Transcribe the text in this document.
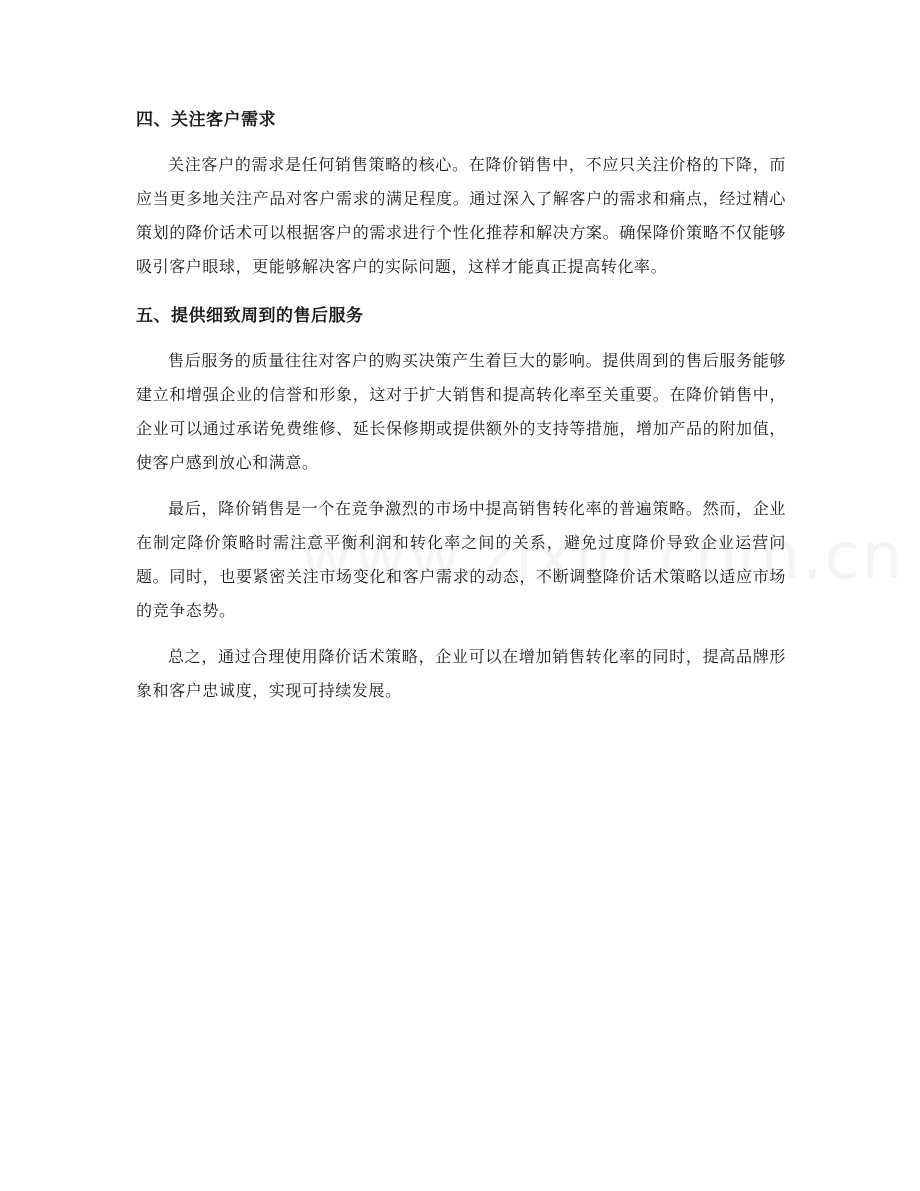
四、关注客户需求

关注客户的需求是任何销售策略的核心。在降价销售中，不应只关注价格的下降，而应当更多地关注产品对客户需求的满足程度。通过深入了解客户的需求和痛点，经过精心策划的降价话术可以根据客户的需求进行个性化推荐和解决方案。确保降价策略不仅能够吸引客户眼球，更能够解决客户的实际问题，这样才能真正提高转化率。

五、提供细致周到的售后服务

售后服务的质量往往对客户的购买决策产生着巨大的影响。提供周到的售后服务能够建立和增强企业的信誉和形象，这对于扩大销售和提高转化率至关重要。在降价销售中，企业可以通过承诺免费维修、延长保修期或提供额外的支持等措施，增加产品的附加值，使客户感到放心和满意。

最后，降价销售是一个在竞争激烈的市场中提高销售转化率的普遍策略。然而，企业在制定降价策略时需注意平衡利润和转化率之间的关系，避免过度降价导致企业运营问题。同时，也要紧密关注市场变化和客户需求的动态，不断调整降价话术策略以适应市场的竞争态势。

总之，通过合理使用降价话术策略，企业可以在增加销售转化率的同时，提高品牌形象和客户忠诚度，实现可持续发展。
